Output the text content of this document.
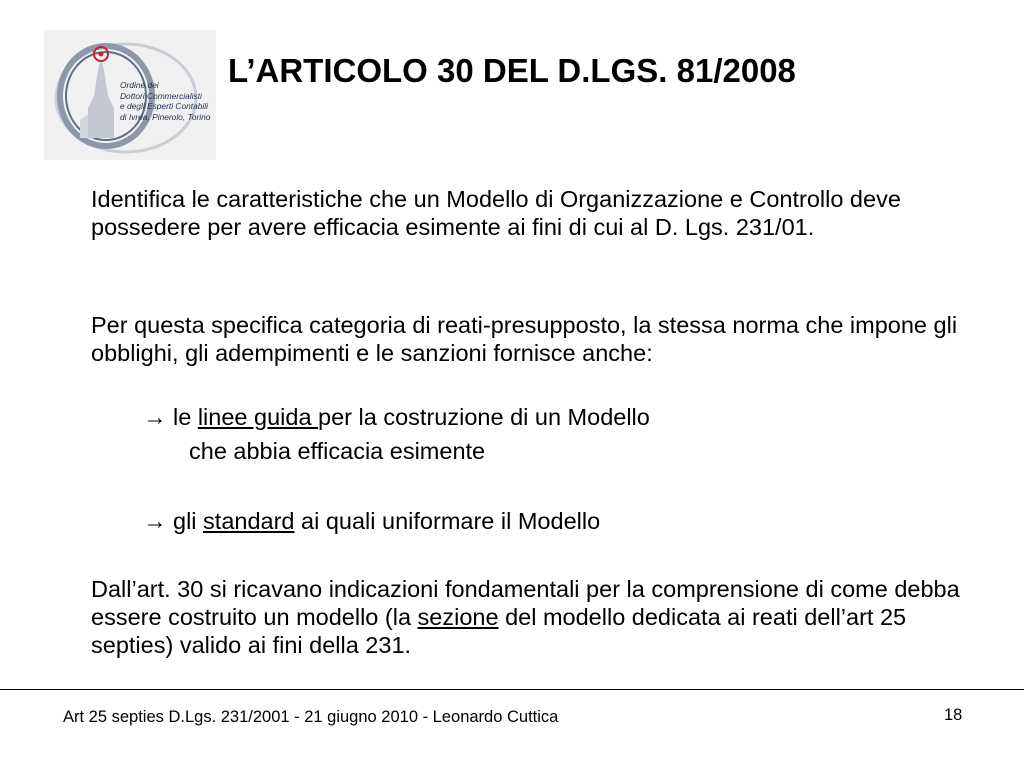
Ordine dei
Dottori Commercialisti
e degli Esperti Contabili
di Ivrea, Pinerolo, Torino
L’ARTICOLO 30 DEL D.LGS. 81/2008

Identifica le caratteristiche che un Modello di Organizzazione e Controllo deve possedere per avere efficacia esimente ai fini di cui al D. Lgs. 231/01.

Per questa specifica categoria di reati-presupposto, la stessa norma che impone gli obblighi, gli adempimenti e le sanzioni fornisce anche:

→ le linee guida per la costruzione di un Modello
che abbia efficacia esimente
→ gli standard ai quali uniformare il Modello

Dall’art. 30 si ricavano indicazioni fondamentali per la comprensione di come debba essere costruito un modello (la sezione del modello dedicata ai reati dell’art 25 septies) valido ai fini della 231.

Art 25 septies D.Lgs. 231/2001 - 21 giugno 2010 - Leonardo Cuttica	18
